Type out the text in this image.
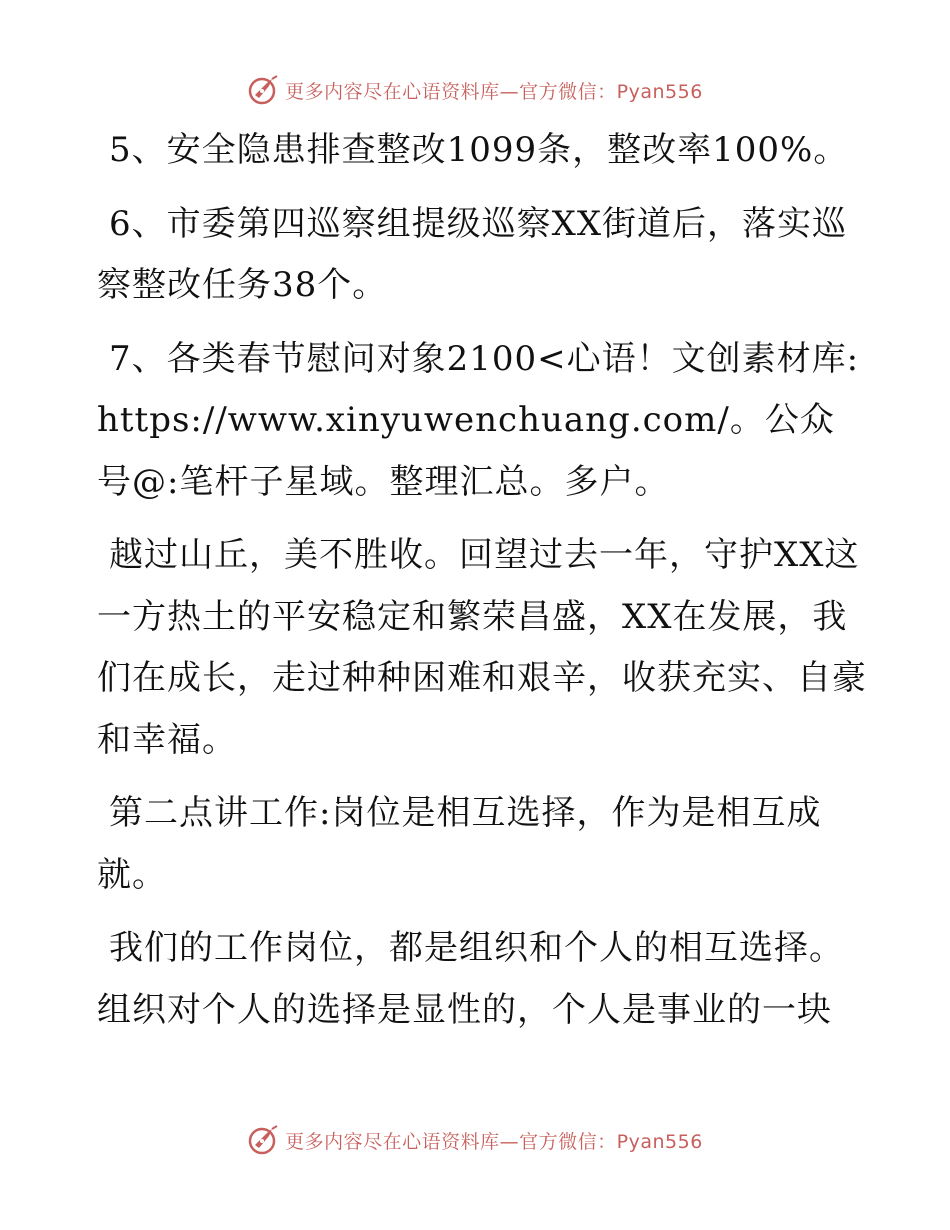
更多内容尽在心语资料库—官方微信：Pyan556

5、安全隐患排查整改1099条，整改率100%。

6、市委第四巡察组提级巡察XX街道后，落实巡察整改任务38个。

7、各类春节慰问对象2100<心语！文创素材库:https://www.xinyuwenchuang.com/。公众号@:笔杆子星域。整理汇总。多户。

越过山丘，美不胜收。回望过去一年，守护XX这一方热土的平安稳定和繁荣昌盛，XX在发展，我们在成长，走过种种困难和艰辛，收获充实、自豪和幸福。

第二点讲工作:岗位是相互选择，作为是相互成就。

我们的工作岗位，都是组织和个人的相互选择。组织对个人的选择是显性的，个人是事业的一块

更多内容尽在心语资料库—官方微信：Pyan556
